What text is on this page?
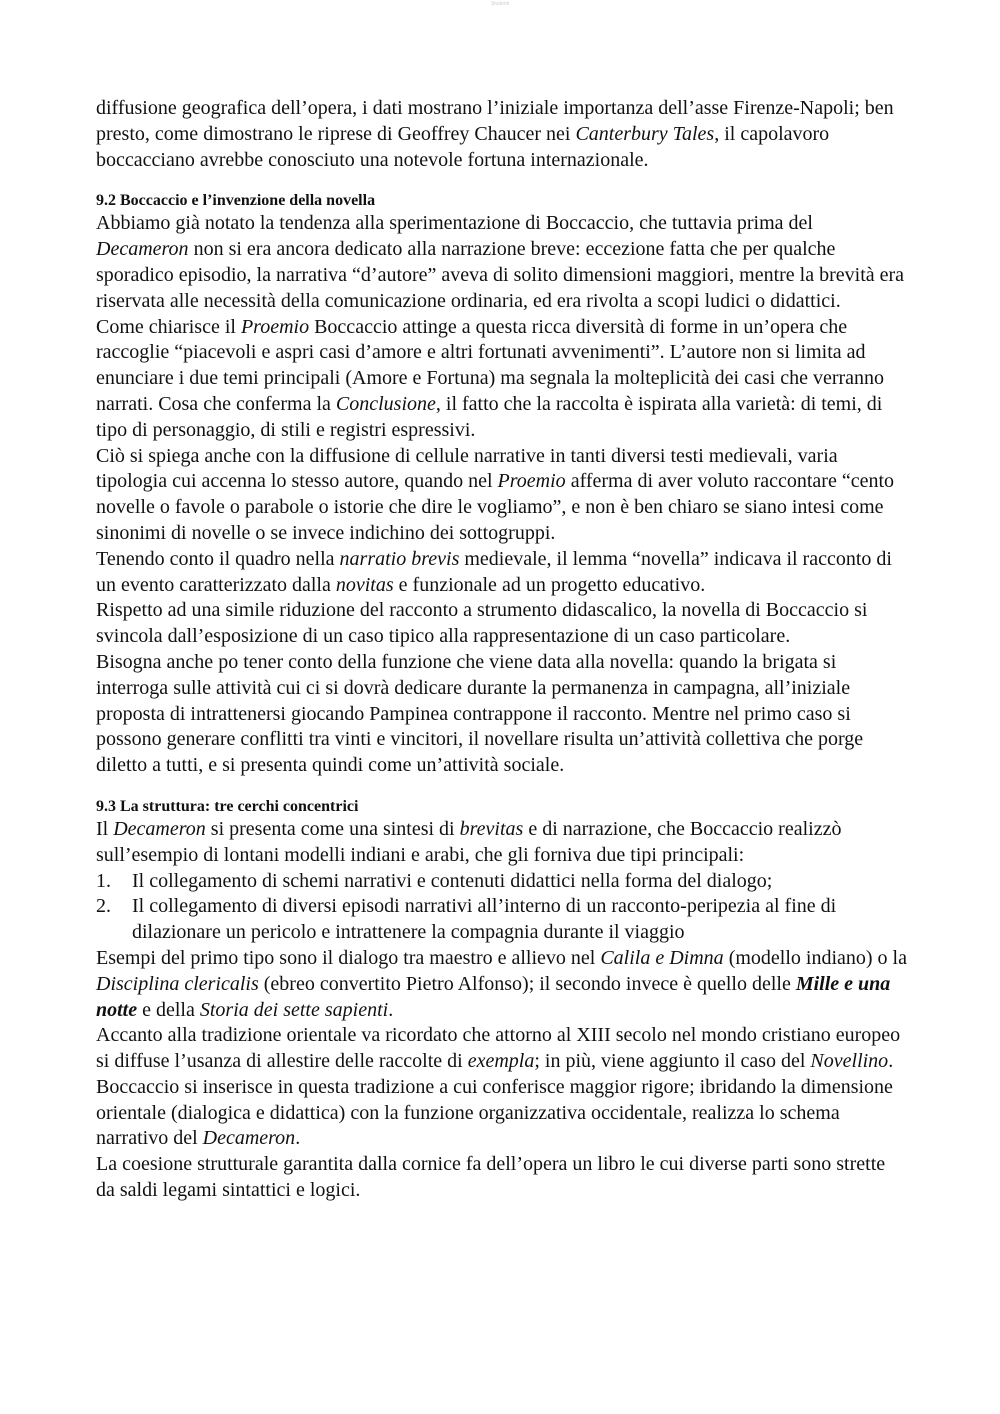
Studenti

diffusione geografica dell’opera, i dati mostrano l’iniziale importanza dell’asse Firenze-Napoli; ben presto, come dimostrano le riprese di Geoffrey Chaucer nei Canterbury Tales, il capolavoro boccacciano avrebbe conosciuto una notevole fortuna internazionale.

9.2 Boccaccio e l’invenzione della novella

Abbiamo già notato la tendenza alla sperimentazione di Boccaccio, che tuttavia prima del Decameron non si era ancora dedicato alla narrazione breve: eccezione fatta che per qualche sporadico episodio, la narrativa “d’autore” aveva di solito dimensioni maggiori, mentre la brevità era riservata alle necessità della comunicazione ordinaria, ed era rivolta a scopi ludici o didattici.

Come chiarisce il Proemio Boccaccio attinge a questa ricca diversità di forme in un’opera che raccoglie “piacevoli e aspri casi d’amore e altri fortunati avvenimenti”. L’autore non si limita ad enunciare i due temi principali (Amore e Fortuna) ma segnala la molteplicità dei casi che verranno narrati. Cosa che conferma la Conclusione, il fatto che la raccolta è ispirata alla varietà: di temi, di tipo di personaggio, di stili e registri espressivi.

Ciò si spiega anche con la diffusione di cellule narrative in tanti diversi testi medievali, varia tipologia cui accenna lo stesso autore, quando nel Proemio afferma di aver voluto raccontare “cento novelle o favole o parabole o istorie che dire le vogliamo”, e non è ben chiaro se siano intesi come sinonimi di novelle o se invece indichino dei sottogruppi.

Tenendo conto il quadro nella narratio brevis medievale, il lemma “novella” indicava il racconto di un evento caratterizzato dalla novitas e funzionale ad un progetto educativo.

Rispetto ad una simile riduzione del racconto a strumento didascalico, la novella di Boccaccio si svincola dall’esposizione di un caso tipico alla rappresentazione di un caso particolare.

Bisogna anche po tener conto della funzione che viene data alla novella: quando la brigata si interroga sulle attività cui ci si dovrà dedicare durante la permanenza in campagna, all’iniziale proposta di intrattenersi giocando Pampinea contrappone il racconto. Mentre nel primo caso si possono generare conflitti tra vinti e vincitori, il novellare risulta un’attività collettiva che porge diletto a tutti, e si presenta quindi come un’attività sociale.

9.3 La struttura: tre cerchi concentrici

Il Decameron si presenta come una sintesi di brevitas e di narrazione, che Boccaccio realizzò sull’esempio di lontani modelli indiani e arabi, che gli forniva due tipi principali:

1. Il collegamento di schemi narrativi e contenuti didattici nella forma del dialogo;
2. Il collegamento di diversi episodi narrativi all’interno di un racconto-peripezia al fine di dilazionare un pericolo e intrattenere la compagnia durante il viaggio

Esempi del primo tipo sono il dialogo tra maestro e allievo nel Calila e Dimna (modello indiano) o la Disciplina clericalis (ebreo convertito Pietro Alfonso); il secondo invece è quello delle Mille e una notte e della Storia dei sette sapienti.

Accanto alla tradizione orientale va ricordato che attorno al XIII secolo nel mondo cristiano europeo si diffuse l’usanza di allestire delle raccolte di exempla; in più, viene aggiunto il caso del Novellino. Boccaccio si inserisce in questa tradizione a cui conferisce maggior rigore; ibridando la dimensione orientale (dialogica e didattica) con la funzione organizzativa occidentale, realizza lo schema narrativo del Decameron.

La coesione strutturale garantita dalla cornice fa dell’opera un libro le cui diverse parti sono strette da saldi legami sintattici e logici.
